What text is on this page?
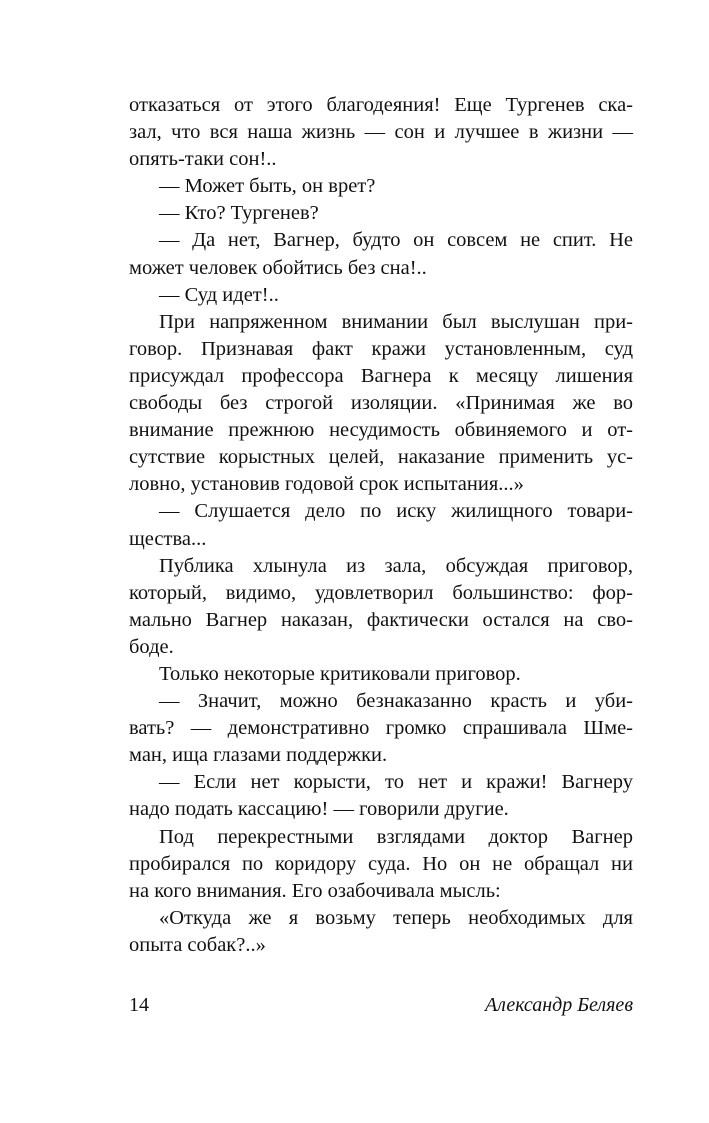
отказаться от этого благодеяния! Еще Тургенев ска-
зал, что вся наша жизнь — сон и лучшее в жизни —
опять-таки сон!..
— Может быть, он врет?
— Кто? Тургенев?
— Да нет, Вагнер, будто он совсем не спит. Не
может человек обойтись без сна!..
— Суд идет!..
При напряженном внимании был выслушан при-
говор. Признавая факт кражи установленным, суд
присуждал профессора Вагнера к месяцу лишения
свободы без строгой изоляции. «Принимая же во
внимание прежнюю несудимость обвиняемого и от-
сутствие корыстных целей, наказание применить ус-
ловно, установив годовой срок испытания...»
— Слушается дело по иску жилищного товари-
щества...
Публика хлынула из зала, обсуждая приговор,
который, видимо, удовлетворил большинство: фор-
мально Вагнер наказан, фактически остался на сво-
боде.
Только некоторые критиковали приговор.
— Значит, можно безнаказанно красть и уби-
вать? — демонстративно громко спрашивала Шме-
ман, ища глазами поддержки.
— Если нет корысти, то нет и кражи! Вагнеру
надо подать кассацию! — говорили другие.
Под перекрестными взглядами доктор Вагнер
пробирался по коридору суда. Но он не обращал ни
на кого внимания. Его озабочивала мысль:
«Откуда же я возьму теперь необходимых для
опыта собак?..»
14	Александр Беляев
